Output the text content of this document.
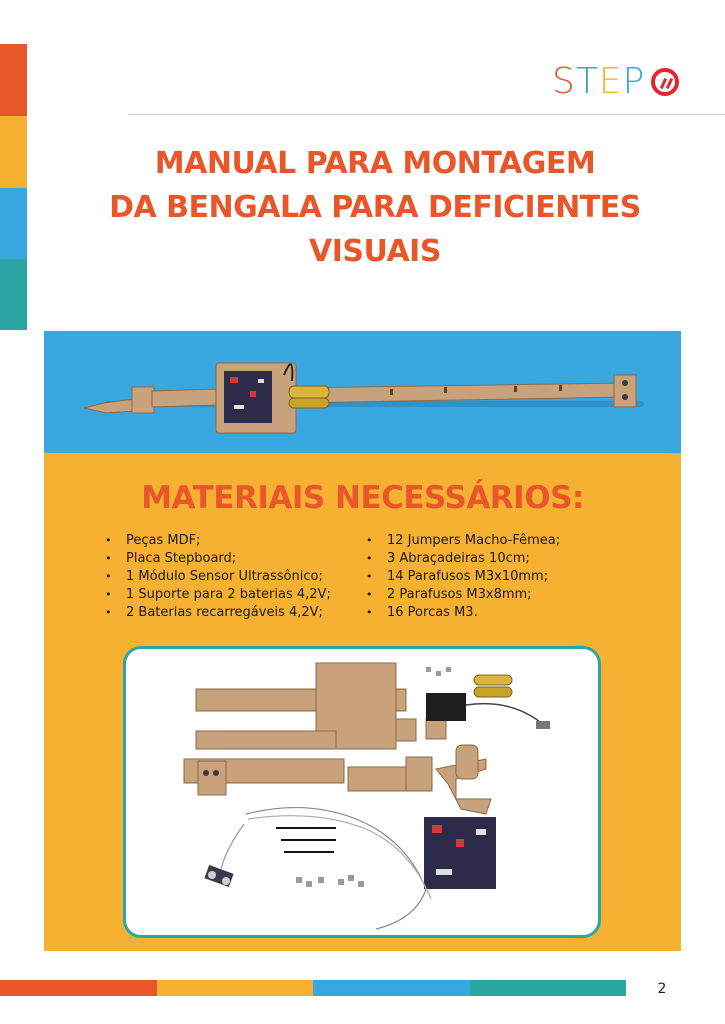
S T E P
MANUAL PARA MONTAGEM
DA BENGALA PARA DEFICIENTES
VISUAIS
MATERIAIS NECESSÁRIOS:
• Peças MDF;
• Placa Stepboard;
• 1 Módulo Sensor Ultrassônico;
• 1 Suporte para 2 baterias 4,2V;
• 2 Baterias recarregáveis 4,2V;
• 12 Jumpers Macho-Fêmea;
• 3 Abraçadeiras 10cm;
• 14 Parafusos M3x10mm;
• 2 Parafusos M3x8mm;
• 16 Porcas M3.
2
